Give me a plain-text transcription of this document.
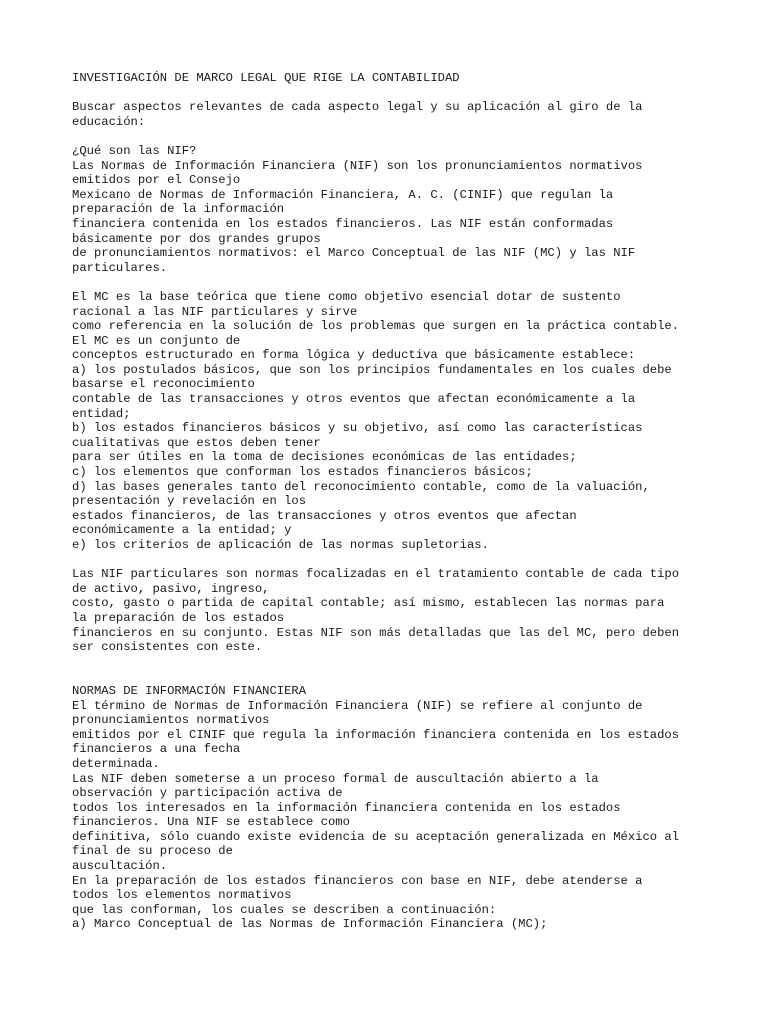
INVESTIGACIÓN DE MARCO LEGAL QUE RIGE LA CONTABILIDAD
Buscar aspectos relevantes de cada aspecto legal y su aplicación al giro de la
educación:
¿Qué son las NIF?
Las Normas de Información Financiera (NIF) son los pronunciamientos normativos
emitidos por el Consejo
Mexicano de Normas de Información Financiera, A. C. (CINIF) que regulan la
preparación de la información
financiera contenida en los estados financieros. Las NIF están conformadas
básicamente por dos grandes grupos
de pronunciamientos normativos: el Marco Conceptual de las NIF (MC) y las NIF
particulares.
El MC es la base teórica que tiene como objetivo esencial dotar de sustento
racional a las NIF particulares y sirve
como referencia en la solución de los problemas que surgen en la práctica contable.
El MC es un conjunto de
conceptos estructurado en forma lógica y deductiva que básicamente establece:
a) los postulados básicos, que son los principios fundamentales en los cuales debe
basarse el reconocimiento
contable de las transacciones y otros eventos que afectan económicamente a la
entidad;
b) los estados financieros básicos y su objetivo, así como las características
cualitativas que estos deben tener
para ser útiles en la toma de decisiones económicas de las entidades;
c) los elementos que conforman los estados financieros básicos;
d) las bases generales tanto del reconocimiento contable, como de la valuación,
presentación y revelación en los
estados financieros, de las transacciones y otros eventos que afectan
económicamente a la entidad; y
e) los criterios de aplicación de las normas supletorias.
Las NIF particulares son normas focalizadas en el tratamiento contable de cada tipo
de activo, pasivo, ingreso,
costo, gasto o partida de capital contable; así mismo, establecen las normas para
la preparación de los estados
financieros en su conjunto. Estas NIF son más detalladas que las del MC, pero deben
ser consistentes con este.
NORMAS DE INFORMACIÓN FINANCIERA
El término de Normas de Información Financiera (NIF) se refiere al conjunto de
pronunciamientos normativos
emitidos por el CINIF que regula la información financiera contenida en los estados
financieros a una fecha
determinada.
Las NIF deben someterse a un proceso formal de auscultación abierto a la
observación y participación activa de
todos los interesados en la información financiera contenida en los estados
financieros. Una NIF se establece como
definitiva, sólo cuando existe evidencia de su aceptación generalizada en México al
final de su proceso de
auscultación.
En la preparación de los estados financieros con base en NIF, debe atenderse a
todos los elementos normativos
que las conforman, los cuales se describen a continuación:
a) Marco Conceptual de las Normas de Información Financiera (MC);
